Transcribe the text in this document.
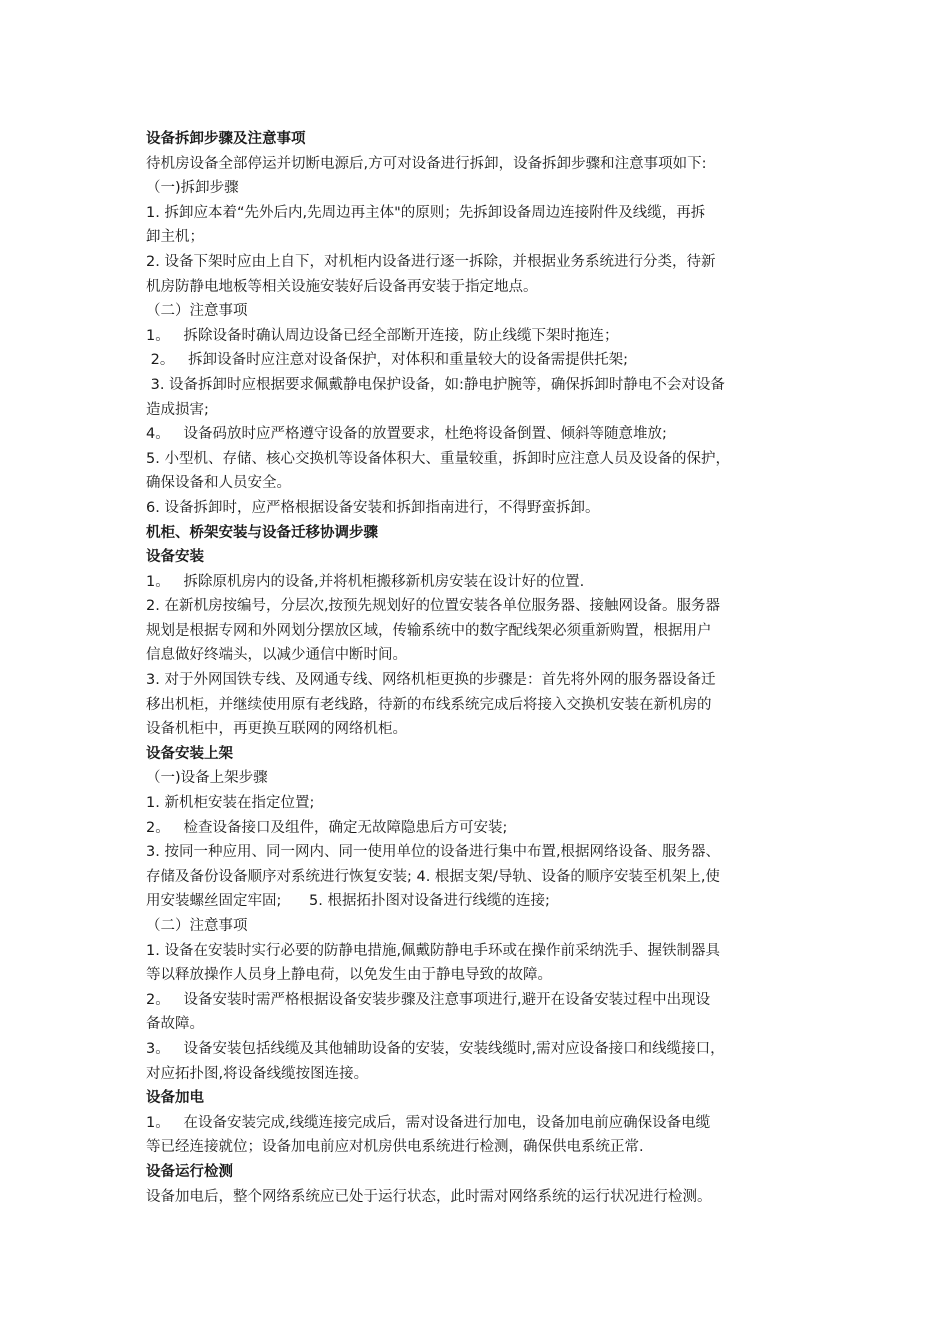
设备拆卸步骤及注意事项

待机房设备全部停运并切断电源后,方可对设备进行拆卸，设备拆卸步骤和注意事项如下:

（一)拆卸步骤

1. 拆卸应本着“先外后内,先周边再主体"的原则；先拆卸设备周边连接附件及线缆，再拆

卸主机；

2. 设备下架时应由上自下，对机柜内设备进行逐一拆除，并根据业务系统进行分类，待新

机房防静电地板等相关设施安装好后设备再安装于指定地点。

（二）注意事项

1。   拆除设备时确认周边设备已经全部断开连接，防止线缆下架时拖连；

2。   拆卸设备时应注意对设备保护，对体积和重量较大的设备需提供托架;

3. 设备拆卸时应根据要求佩戴静电保护设备，如:静电护腕等，确保拆卸时静电不会对设备

造成损害;

4。   设备码放时应严格遵守设备的放置要求，杜绝将设备倒置、倾斜等随意堆放;

5. 小型机、存储、核心交换机等设备体积大、重量较重，拆卸时应注意人员及设备的保护，

确保设备和人员安全。

6. 设备拆卸时，应严格根据设备安装和拆卸指南进行，不得野蛮拆卸。

机柜、桥架安装与设备迁移协调步骤

设备安装

1。   拆除原机房内的设备,并将机柜搬移新机房安装在设计好的位置.

2. 在新机房按编号，分层次,按预先规划好的位置安装各单位服务器、接触网设备。服务器

规划是根据专网和外网划分摆放区域，传输系统中的数字配线架必须重新购置，根据用户

信息做好终端头，以减少通信中断时间。

3. 对于外网国铁专线、及网通专线、网络机柜更换的步骤是：首先将外网的服务器设备迁

移出机柜，并继续使用原有老线路，待新的布线系统完成后将接入交换机安装在新机房的

设备机柜中，再更换互联网的网络机柜。

设备安装上架

（一)设备上架步骤

1. 新机柜安装在指定位置;

2。   检查设备接口及组件，确定无故障隐患后方可安装;

3. 按同一种应用、同一网内、同一使用单位的设备进行集中布置,根据网络设备、服务器、

存储及备份设备顺序对系统进行恢复安装; 4. 根据支架/导轨、设备的顺序安装至机架上,使

用安装螺丝固定牢固;      5. 根据拓扑图对设备进行线缆的连接;

（二）注意事项

1. 设备在安装时实行必要的防静电措施,佩戴防静电手环或在操作前采纳洗手、握铁制器具

等以释放操作人员身上静电荷，以免发生由于静电导致的故障。

2。   设备安装时需严格根据设备安装步骤及注意事项进行,避开在设备安装过程中出现设

备故障。

3。   设备安装包括线缆及其他辅助设备的安装，安装线缆时,需对应设备接口和线缆接口，

对应拓扑图,将设备线缆按图连接。

设备加电

1。   在设备安装完成,线缆连接完成后，需对设备进行加电，设备加电前应确保设备电缆

等已经连接就位；设备加电前应对机房供电系统进行检测，确保供电系统正常.

设备运行检测

设备加电后，整个网络系统应已处于运行状态，此时需对网络系统的运行状况进行检测。
